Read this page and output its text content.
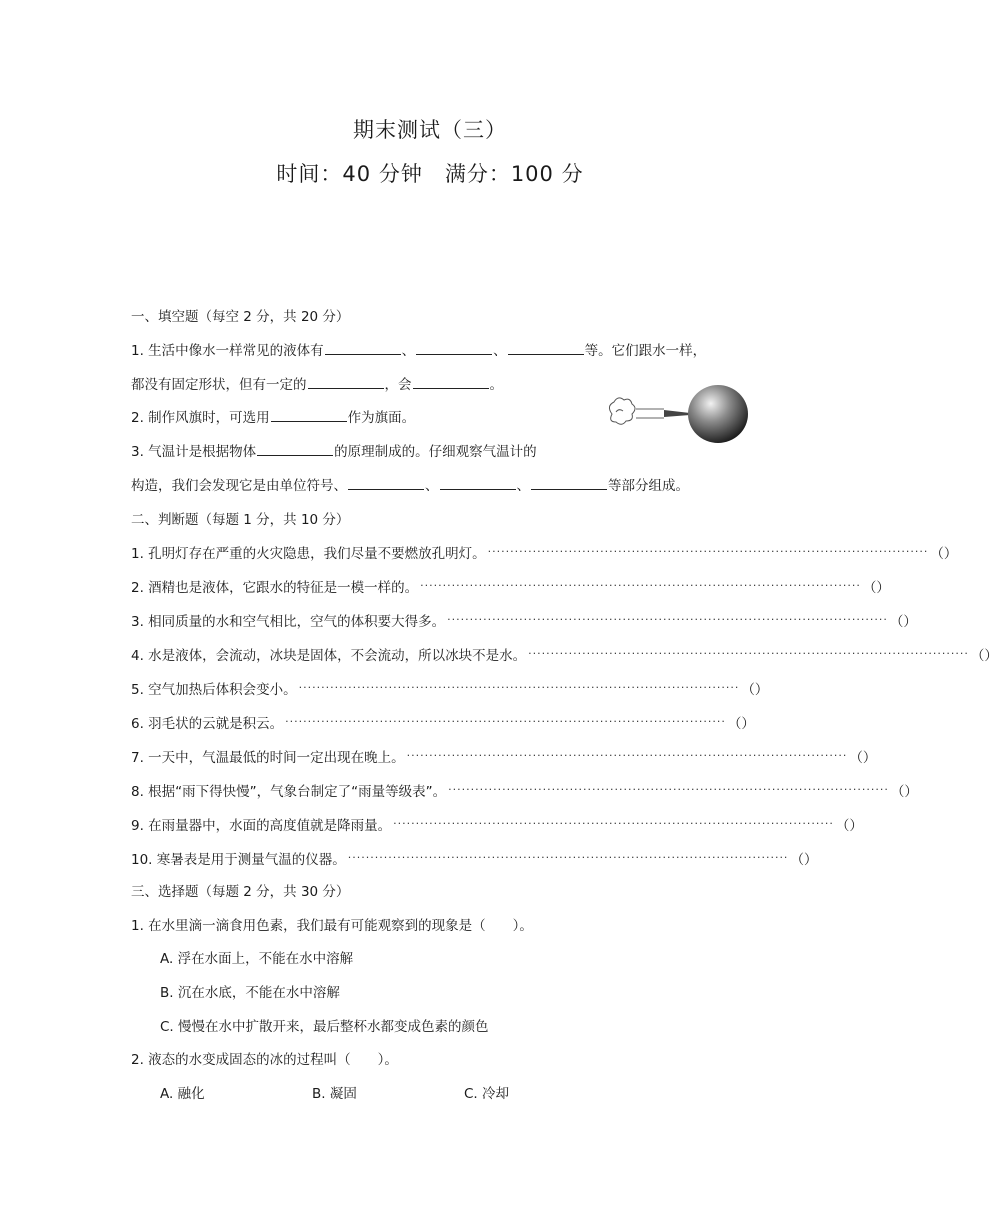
期末测试（三）
时间：40 分钟　满分：100 分
一、填空题（每空 2 分，共 20 分）
1. 生活中像水一样常见的液体有	、	、	等。它们跟水一样，
都没有固定形状，但有一定的	，会	。
2. 制作风旗时，可选用	作为旗面。
3. 气温计是根据物体	的原理制成的。仔细观察气温计的
构造，我们会发现它是由单位符号、	、	、	等部分组成。
二、判断题（每题 1 分，共 10 分）
1. 孔明灯存在严重的火灾隐患，我们尽量不要燃放孔明灯。 ·································································································· （ ）
2. 酒精也是液体，它跟水的特征是一模一样的。 ·································································································· （ ）
3. 相同质量的水和空气相比，空气的体积要大得多。 ·································································································· （ ）
4. 水是液体，会流动，冰块是固体，不会流动，所以冰块不是水。 ·································································································· （ ）
5. 空气加热后体积会变小。 ·································································································· （ ）
6. 羽毛状的云就是积云。 ·································································································· （ ）
7. 一天中，气温最低的时间一定出现在晚上。 ·································································································· （ ）
8. 根据“雨下得快慢”，气象台制定了“雨量等级表”。 ·································································································· （ ）
9. 在雨量器中，水面的高度值就是降雨量。 ·································································································· （ ）
10. 寒暑表是用于测量气温的仪器。 ·································································································· （ ）
三、选择题（每题 2 分，共 30 分）
1. 在水里滴一滴食用色素，我们最有可能观察到的现象是（　　）。
A. 浮在水面上，不能在水中溶解
B. 沉在水底，不能在水中溶解
C. 慢慢在水中扩散开来，最后整杯水都变成色素的颜色
2. 液态的水变成固态的冰的过程叫（　　）。
A. 融化	B. 凝固	C. 冷却
